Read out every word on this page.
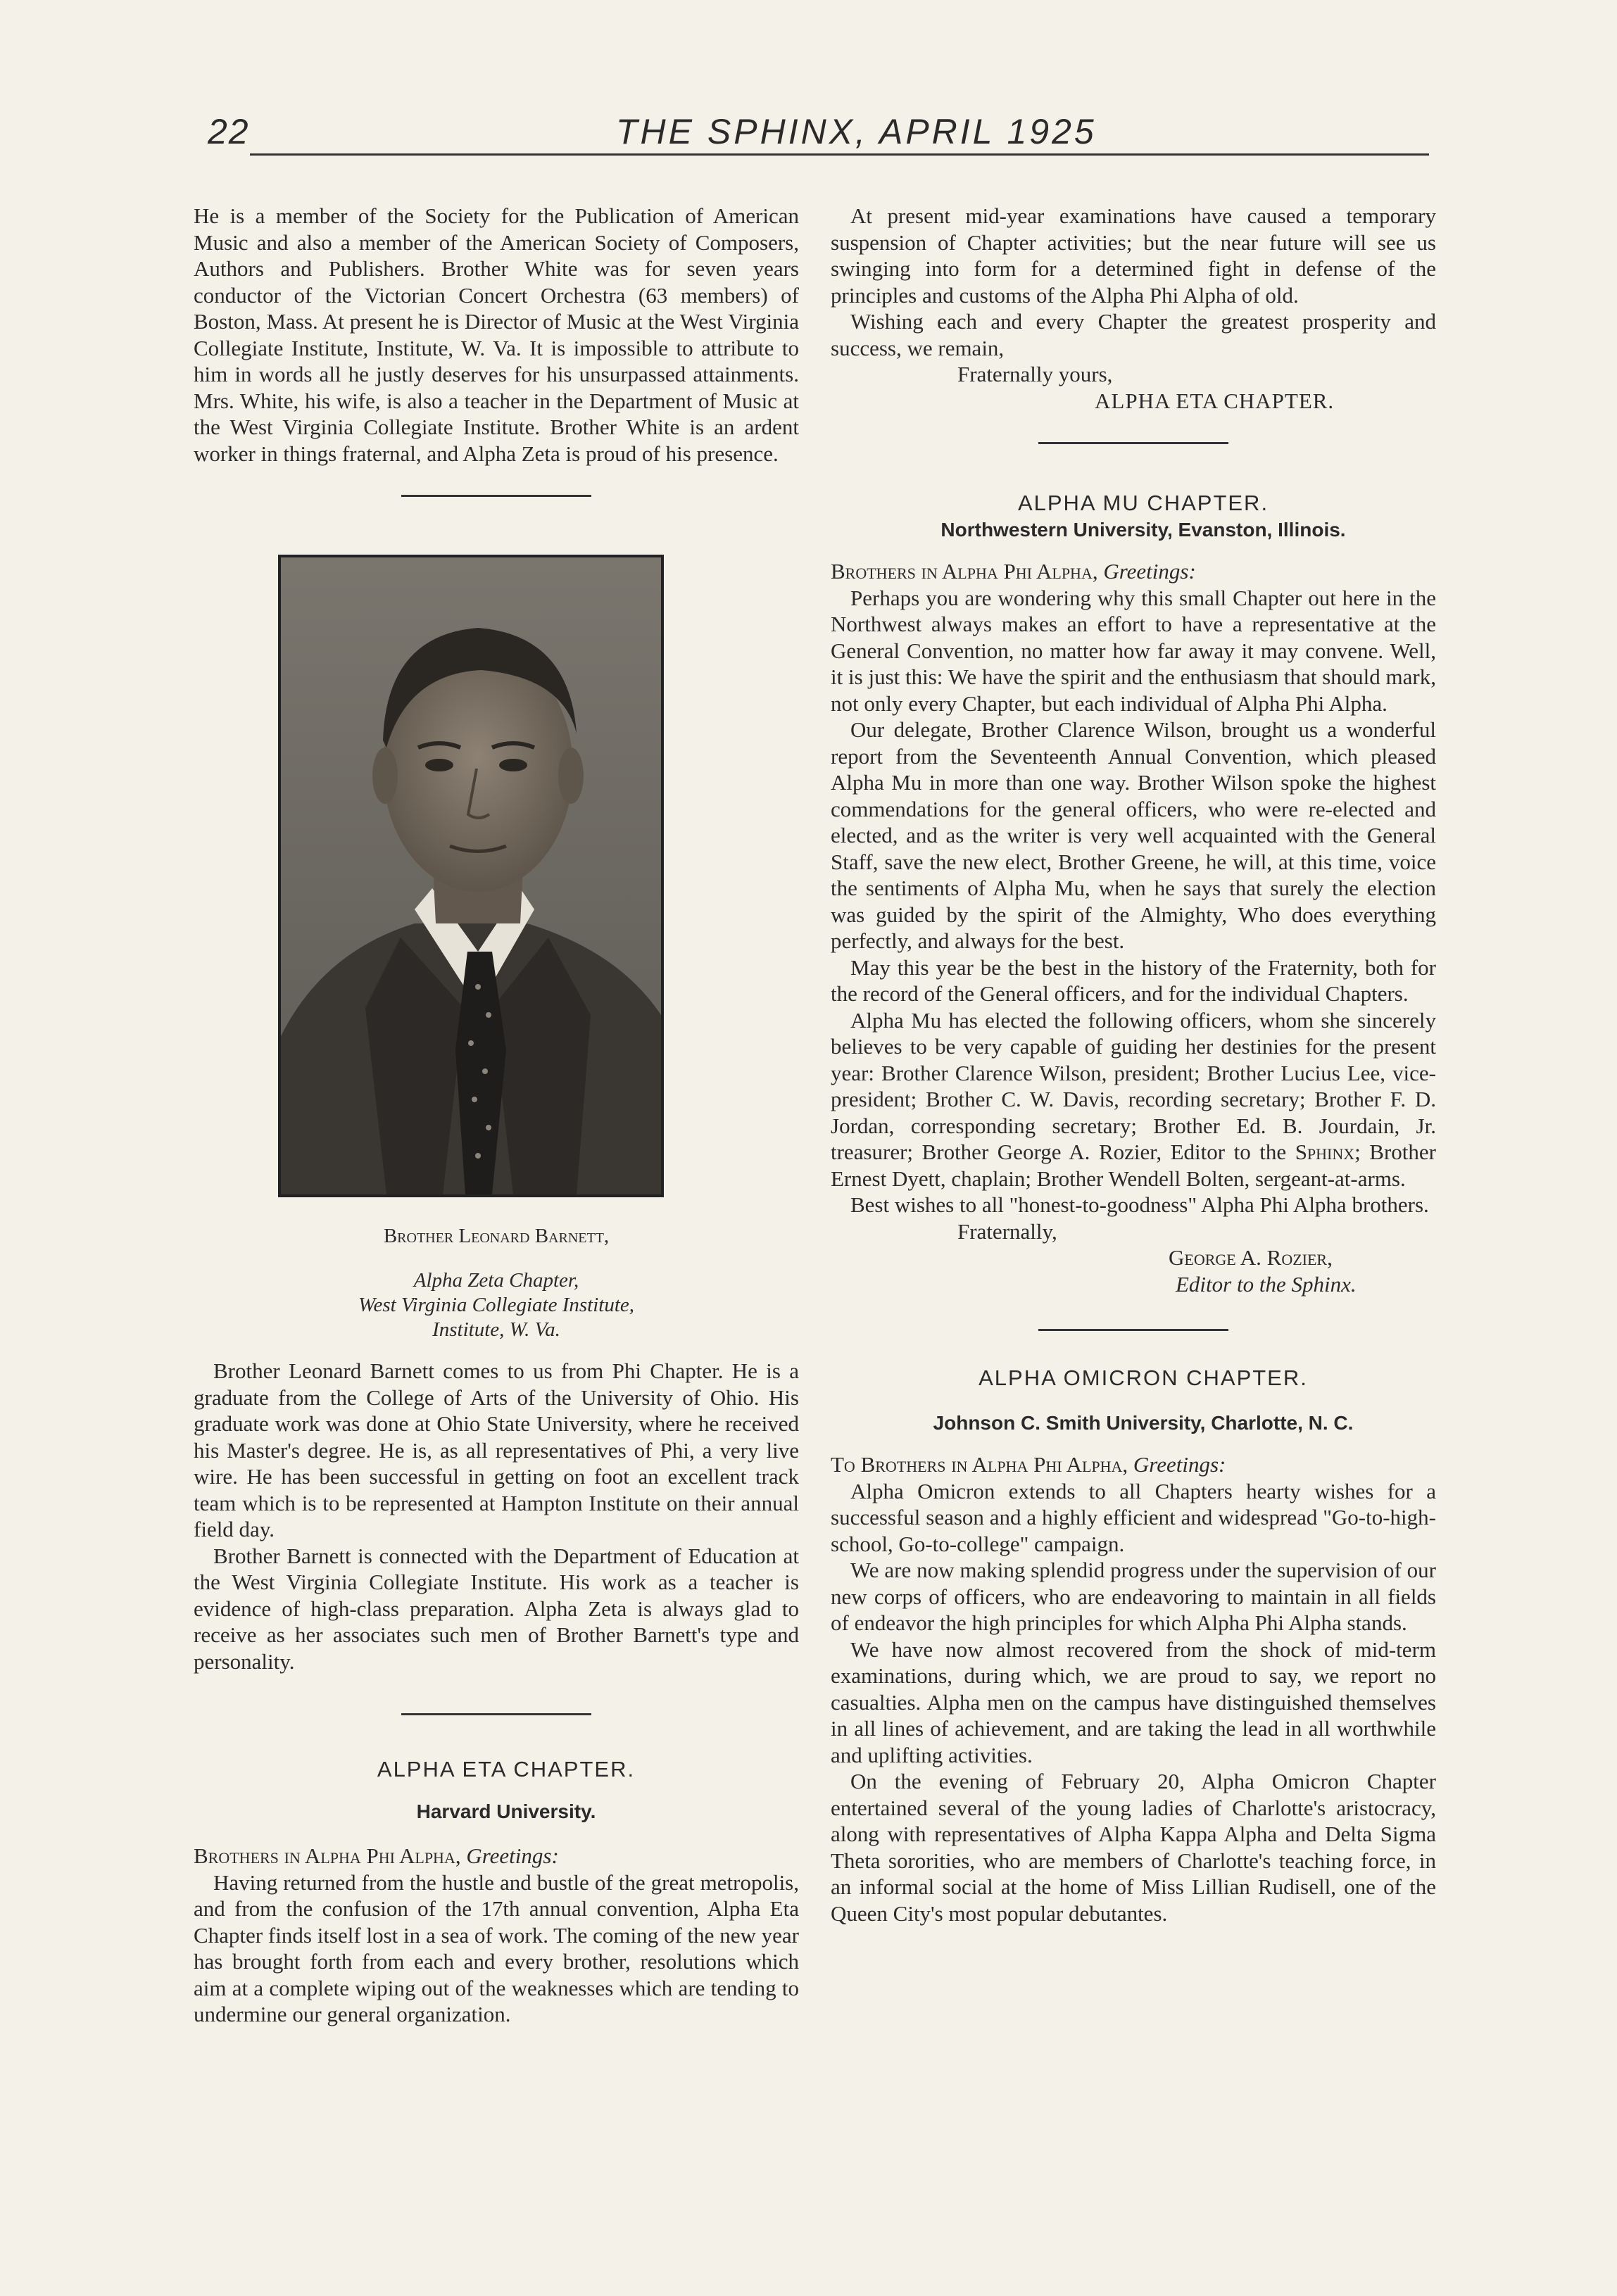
22	THE SPHINX, APRIL 1925

He is a member of the Society for the Publication of American Music and also a member of the American Society of Composers, Authors and Publishers. Brother White was for seven years conductor of the Victorian Concert Orchestra (63 members) of Boston, Mass. At present he is Director of Music at the West Virginia Collegiate Institute, Institute, W. Va. It is impossible to attribute to him in words all he justly deserves for his unsurpassed attainments. Mrs. White, his wife, is also a teacher in the Department of Music at the West Virginia Collegiate Institute. Brother White is an ardent worker in things fraternal, and Alpha Zeta is proud of his presence.

Brother Leonard Barnett,

Alpha Zeta Chapter,

West Virginia Collegiate Institute,

Institute, W. Va.

Brother Leonard Barnett comes to us from Phi Chapter. He is a graduate from the College of Arts of the University of Ohio. His graduate work was done at Ohio State University, where he received his Master's degree. He is, as all representatives of Phi, a very live wire. He has been successful in getting on foot an excellent track team which is to be represented at Hampton Institute on their annual field day.

Brother Barnett is connected with the Department of Education at the West Virginia Collegiate Institute. His work as a teacher is evidence of high-class preparation. Alpha Zeta is always glad to receive as her associates such men of Brother Barnett's type and personality.

ALPHA ETA CHAPTER.

Harvard University.

Brothers in Alpha Phi Alpha, Greetings:

Having returned from the hustle and bustle of the great metropolis, and from the confusion of the 17th annual convention, Alpha Eta Chapter finds itself lost in a sea of work. The coming of the new year has brought forth from each and every brother, resolutions which aim at a complete wiping out of the weaknesses which are tending to undermine our general organization.

At present mid-year examinations have caused a temporary suspension of Chapter activities; but the near future will see us swinging into form for a determined fight in defense of the principles and customs of the Alpha Phi Alpha of old.

Wishing each and every Chapter the greatest prosperity and success, we remain,

Fraternally yours,

ALPHA ETA CHAPTER.

ALPHA MU CHAPTER.

Northwestern University, Evanston, Illinois.

Brothers in Alpha Phi Alpha, Greetings:

Perhaps you are wondering why this small Chapter out here in the Northwest always makes an effort to have a representative at the General Convention, no matter how far away it may convene. Well, it is just this: We have the spirit and the enthusiasm that should mark, not only every Chapter, but each individual of Alpha Phi Alpha.

Our delegate, Brother Clarence Wilson, brought us a wonderful report from the Seventeenth Annual Convention, which pleased Alpha Mu in more than one way. Brother Wilson spoke the highest commendations for the general officers, who were re-elected and elected, and as the writer is very well acquainted with the General Staff, save the new elect, Brother Greene, he will, at this time, voice the sentiments of Alpha Mu, when he says that surely the election was guided by the spirit of the Almighty, Who does everything perfectly, and always for the best.

May this year be the best in the history of the Fraternity, both for the record of the General officers, and for the individual Chapters.

Alpha Mu has elected the following officers, whom she sincerely believes to be very capable of guiding her destinies for the present year: Brother Clarence Wilson, president; Brother Lucius Lee, vice-president; Brother C. W. Davis, recording secretary; Brother F. D. Jordan, corresponding secretary; Brother Ed. B. Jourdain, Jr. treasurer; Brother George A. Rozier, Editor to the Sphinx; Brother Ernest Dyett, chaplain; Brother Wendell Bolten, sergeant-at-arms.

Best wishes to all "honest-to-goodness" Alpha Phi Alpha brothers.

Fraternally,

George A. Rozier,

Editor to the Sphinx.

ALPHA OMICRON CHAPTER.

Johnson C. Smith University, Charlotte, N. C.

To Brothers in Alpha Phi Alpha, Greetings:

Alpha Omicron extends to all Chapters hearty wishes for a successful season and a highly efficient and widespread "Go-to-high-school, Go-to-college" campaign.

We are now making splendid progress under the supervision of our new corps of officers, who are endeavoring to maintain in all fields of endeavor the high principles for which Alpha Phi Alpha stands.

We have now almost recovered from the shock of mid-term examinations, during which, we are proud to say, we report no casualties. Alpha men on the campus have distinguished themselves in all lines of achievement, and are taking the lead in all worthwhile and uplifting activities.

On the evening of February 20, Alpha Omicron Chapter entertained several of the young ladies of Charlotte's aristocracy, along with representatives of Alpha Kappa Alpha and Delta Sigma Theta sororities, who are members of Charlotte's teaching force, in an informal social at the home of Miss Lillian Rudisell, one of the Queen City's most popular debutantes.
